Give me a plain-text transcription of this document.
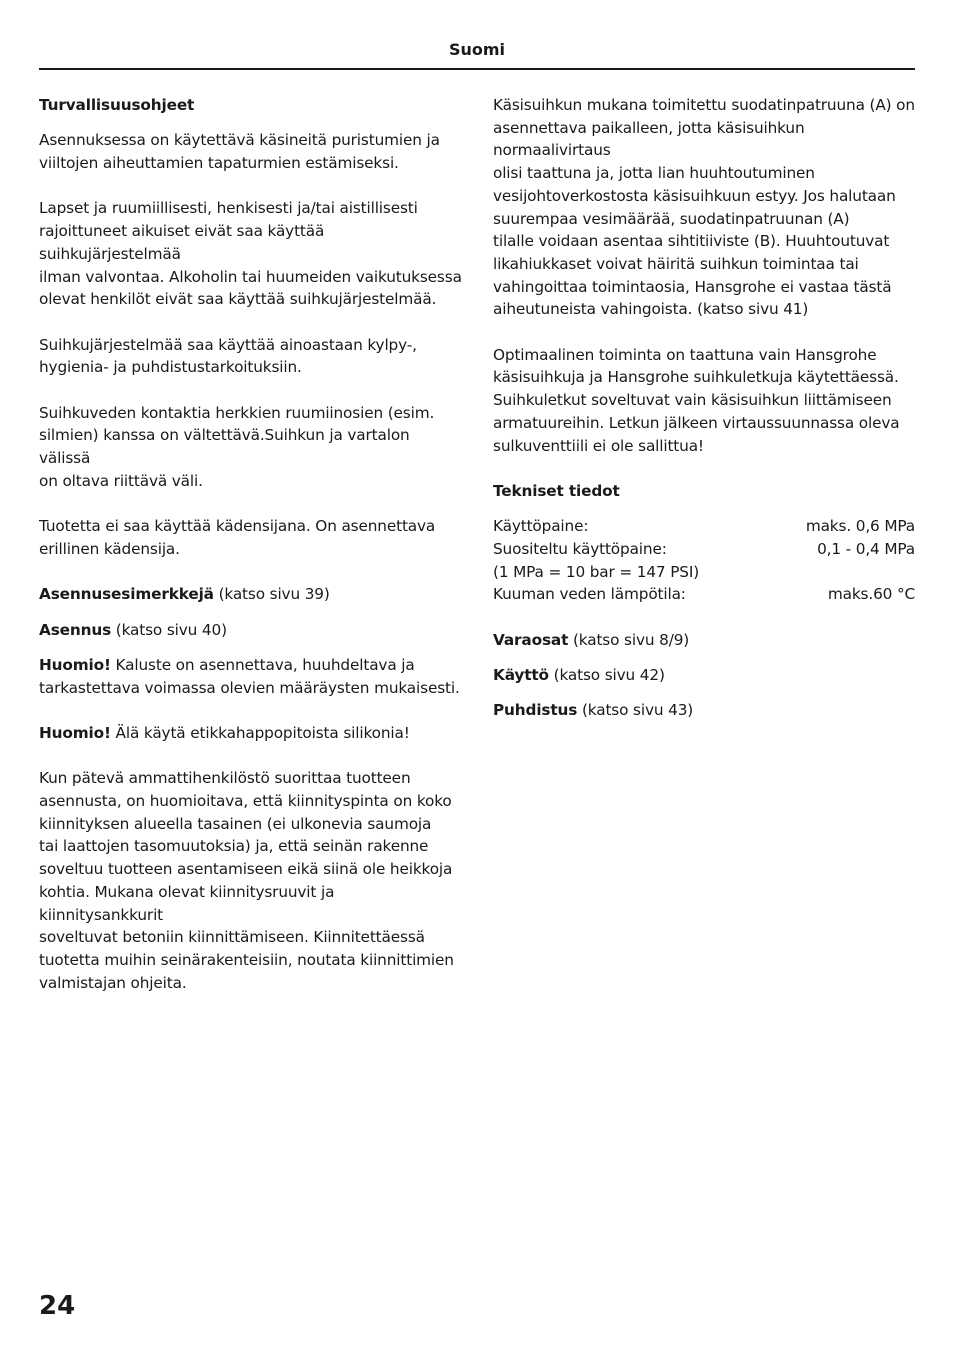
Suomi

Turvallisuusohjeet

Asennuksessa on käytettävä käsineitä puristumien ja
viiltojen aiheuttamien tapaturmien estämiseksi.

Lapset ja ruumiillisesti, henkisesti ja/tai aistillisesti
rajoittuneet aikuiset eivät saa käyttää suihkujärjestelmää
ilman valvontaa. Alkoholin tai huumeiden vaikutuksessa
olevat henkilöt eivät saa käyttää suihkujärjestelmää.

Suihkujärjestelmää saa käyttää ainoastaan kylpy-,
hygienia- ja puhdistustarkoituksiin.

Suihkuveden kontaktia herkkien ruumiinosien (esim.
silmien) kanssa on vältettävä.Suihkun ja vartalon välissä
on oltava riittävä väli.

Tuotetta ei saa käyttää kädensijana. On asennettava
erillinen kädensija.

Asennusesimerkkejä (katso sivu 39)

Asennus (katso sivu 40)

Huomio! Kaluste on asennettava, huuhdeltava ja
tarkastettava voimassa olevien määräysten mukaisesti.

Huomio! Älä käytä etikkahappopitoista silikonia!

Kun pätevä ammattihenkilöstö suorittaa tuotteen
asennusta, on huomioitava, että kiinnityspinta on koko
kiinnityksen alueella tasainen (ei ulkonevia saumoja
tai laattojen tasomuutoksia) ja, että seinän rakenne
soveltuu tuotteen asentamiseen eikä siinä ole heikkoja
kohtia. Mukana olevat kiinnitysruuvit ja kiinnitysankkurit
soveltuvat betoniin kiinnittämiseen. Kiinnitettäessä
tuotetta muihin seinärakenteisiin, noutata kiinnittimien
valmistajan ohjeita.

Käsisuihkun mukana toimitettu suodatinpatruuna (A) on
asennettava paikalleen, jotta käsisuihkun normaalivirtaus
olisi taattuna ja, jotta lian huuhtoutuminen
vesijohtoverkostosta käsisuihkuun estyy. Jos halutaan
suurempaa vesimäärää, suodatinpatruunan (A)
tilalle voidaan asentaa sihtitiiviste (B). Huuhtoutuvat
likahiukkaset voivat häiritä suihkun toimintaa tai
vahingoittaa toimintaosia, Hansgrohe ei vastaa tästä
aiheutuneista vahingoista. (katso sivu 41)

Optimaalinen toiminta on taattuna vain Hansgrohe
käsisuihkuja ja Hansgrohe suihkuletkuja käytettäessä.
Suihkuletkut soveltuvat vain käsisuihkun liittämiseen
armatuureihin. Letkun jälkeen virtaussuunnassa oleva
sulkuventtiili ei ole sallittua!

Tekniset tiedot

Käyttöpaine:	maks. 0,6 MPa
Suositeltu käyttöpaine:	0,1 - 0,4 MPa
(1 MPa = 10 bar = 147 PSI)
Kuuman veden lämpötila:	maks.60 °C

Varaosat (katso sivu 8/9)

Käyttö (katso sivu 42)

Puhdistus (katso sivu 43)

24
